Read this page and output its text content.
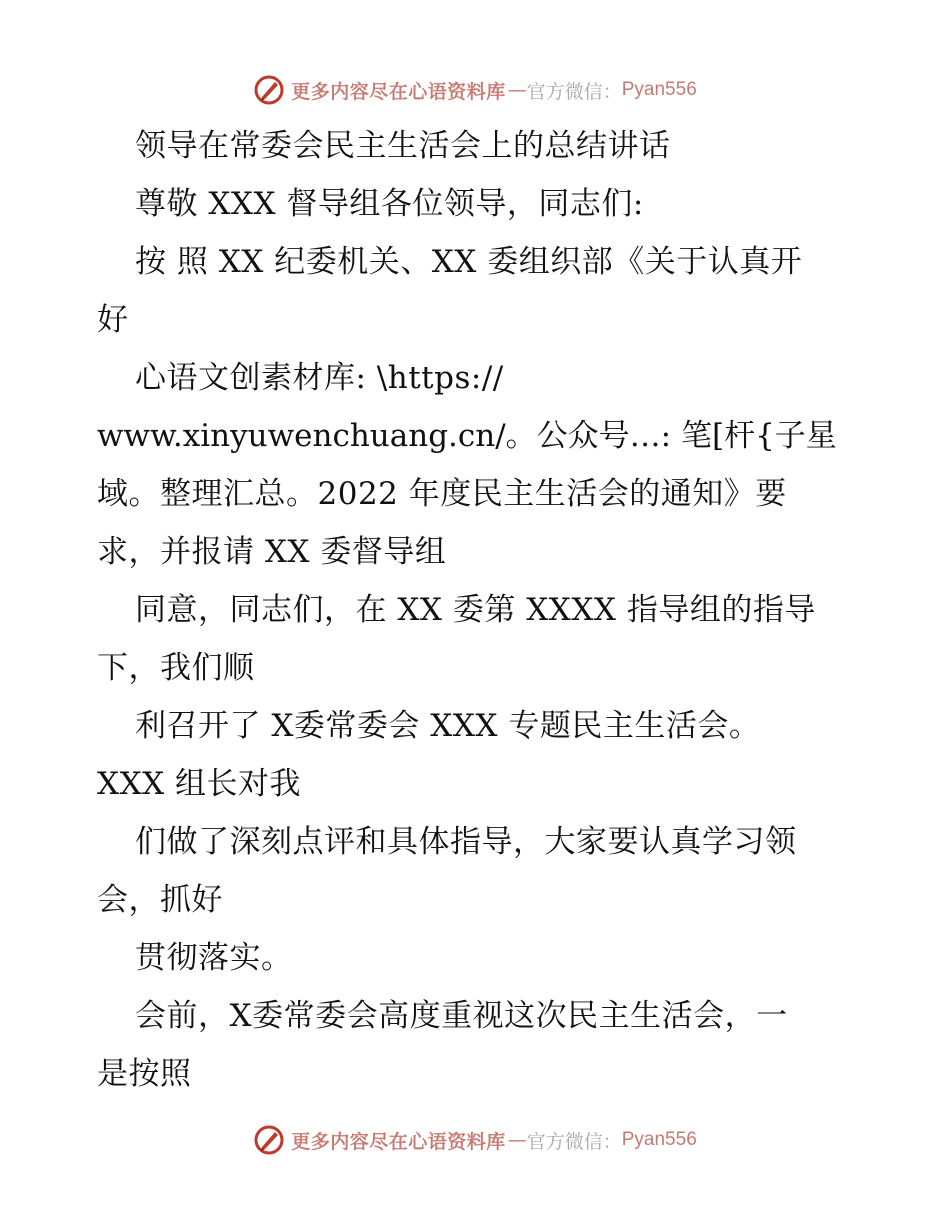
更多内容尽在心语资料库 — 官方微信： Pyan556
领导在常委会民主生活会上的总结讲话
尊敬 XXX 督导组各位领导，同志们:
按 照 XX 纪委机关、XX 委组织部《关于认真开
好
心语文创素材库: \https://
www.xinyuwenchuang.cn/。公众号…: 笔[杆{子星
域。整理汇总。2022 年度民主生活会的通知》要
求，并报请 XX 委督导组
同意，同志们，在 XX 委第 XXXX 指导组的指导
下，我们顺
利召开了 X委常委会 XXX 专题民主生活会。
XXX 组长对我
们做了深刻点评和具体指导，大家要认真学习领
会，抓好
贯彻落实。
会前，X委常委会高度重视这次民主生活会，一
是按照
更多内容尽在心语资料库 — 官方微信： Pyan556
